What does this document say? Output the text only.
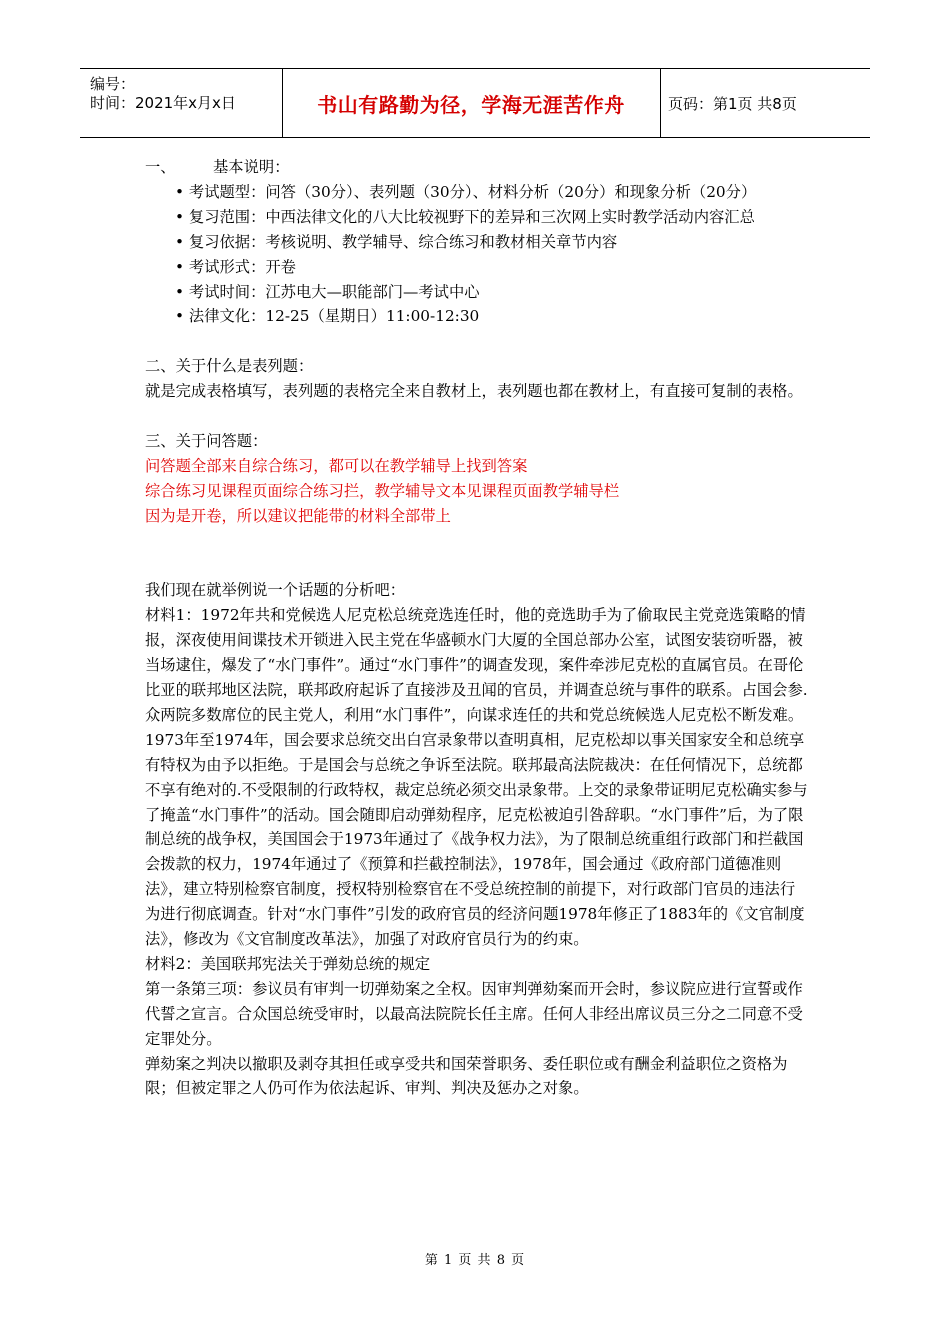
编号：
时间：2021年x月x日	书山有路勤为径，学海无涯苦作舟	页码：第1页 共8页
一、 基本说明：
• 考试题型：问答（30分）、表列题（30分）、材料分析（20分）和现象分析（20分）
• 复习范围：中西法律文化的八大比较视野下的差异和三次网上实时教学活动内容汇总
• 复习依据：考核说明、教学辅导、综合练习和教材相关章节内容
• 考试形式：开卷
• 考试时间：江苏电大—职能部门—考试中心
• 法律文化：12-25（星期日）11:00-12:30
二、关于什么是表列题：
就是完成表格填写，表列题的表格完全来自教材上，表列题也都在教材上，有直接可复制的表格。
三、关于问答题：
问答题全部来自综合练习，都可以在教学辅导上找到答案
综合练习见课程页面综合练习拦，教学辅导文本见课程页面教学辅导栏
因为是开卷，所以建议把能带的材料全部带上
我们现在就举例说一个话题的分析吧：
材料1：1972年共和党候选人尼克松总统竞选连任时，他的竞选助手为了偷取民主党竞选策略的情报，深夜使用间谍技术开锁进入民主党在华盛顿水门大厦的全国总部办公室，试图安装窃听器，被当场逮住，爆发了“水门事件”。通过“水门事件”的调查发现，案件牵涉尼克松的直属官员。在哥伦比亚的联邦地区法院，联邦政府起诉了直接涉及丑闻的官员，并调查总统与事件的联系。占国会参.众两院多数席位的民主党人，利用“水门事件”，向谋求连任的共和党总统候选人尼克松不断发难。1973年至1974年，国会要求总统交出白宫录象带以查明真相，尼克松却以事关国家安全和总统享有特权为由予以拒绝。于是国会与总统之争诉至法院。联邦最高法院裁决：在任何情况下，总统都不享有绝对的.不受限制的行政特权，裁定总统必须交出录象带。上交的录象带证明尼克松确实参与了掩盖“水门事件”的活动。国会随即启动弹劾程序，尼克松被迫引咎辞职。“水门事件”后，为了限制总统的战争权，美国国会于1973年通过了《战争权力法》，为了限制总统重组行政部门和拦截国会拨款的权力，1974年通过了《预算和拦截控制法》，1978年，国会通过《政府部门道德准则法》，建立特别检察官制度，授权特别检察官在不受总统控制的前提下，对行政部门官员的违法行为进行彻底调查。针对“水门事件”引发的政府官员的经济问题1978年修正了1883年的《文官制度法》，修改为《文官制度改革法》，加强了对政府官员行为的约束。
材料2：美国联邦宪法关于弹劾总统的规定
第一条第三项：参议员有审判一切弹劾案之全权。因审判弹劾案而开会时，参议院应进行宣誓或作代誓之宣言。合众国总统受审时，以最高法院院长任主席。任何人非经出席议员三分之二同意不受定罪处分。
弹劾案之判决以撤职及剥夺其担任或享受共和国荣誉职务、委任职位或有酬金利益职位之资格为限；但被定罪之人仍可作为依法起诉、审判、判决及惩办之对象。
第 1 页 共 8 页
